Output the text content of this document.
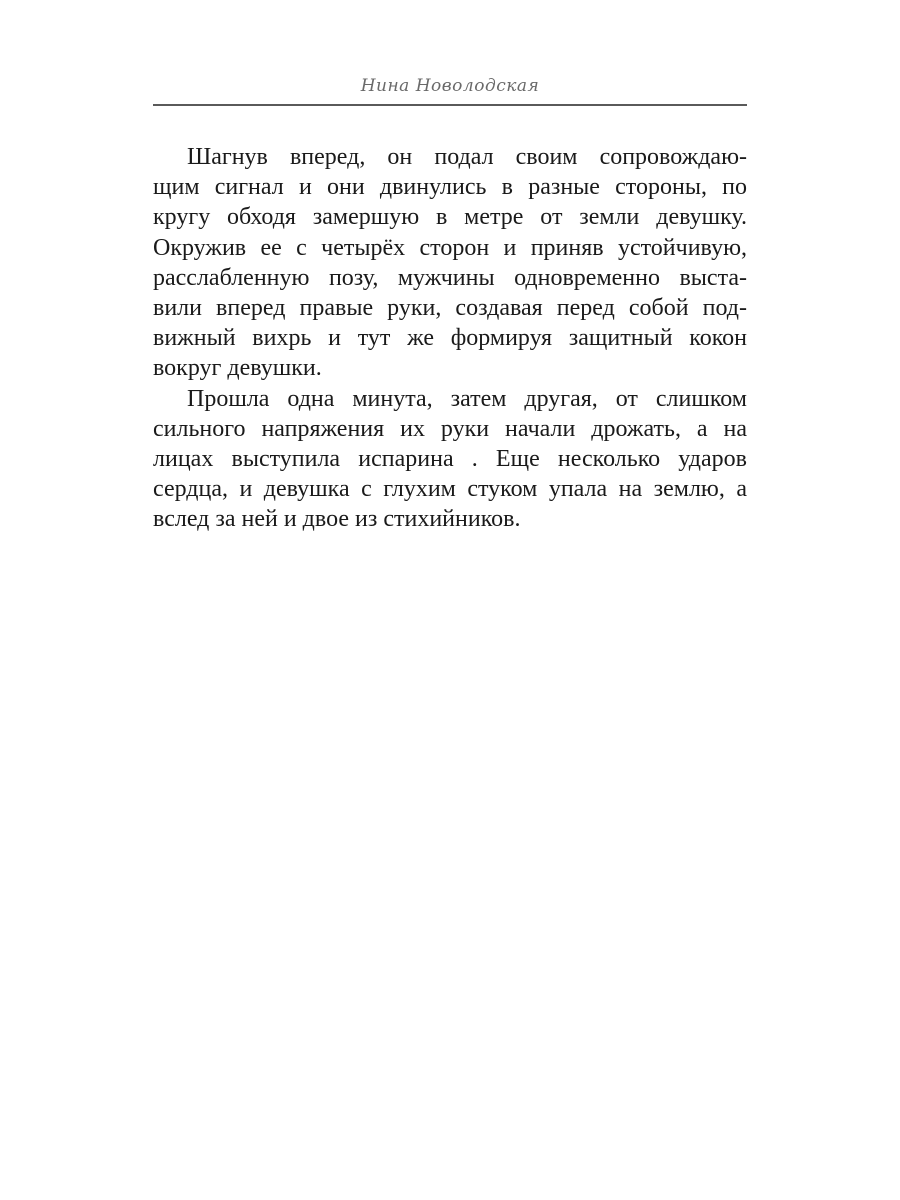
Нина Новолодская
Шагнув вперед, он подал своим сопровождаю-
щим сигнал и они двинулись в разные стороны, по
кругу обходя замершую в метре от земли девушку.
Окружив ее с четырёх сторон и приняв устойчивую,
расслабленную позу, мужчины одновременно выста-
вили вперед правые руки, создавая перед собой под-
вижный вихрь и тут же формируя защитный кокон
вокруг девушки.
Прошла одна минута, затем другая, от слишком
сильного напряжения их руки начали дрожать, а на
лицах выступила испарина . Еще несколько ударов
сердца, и девушка с глухим стуком упала на землю, а
вслед за ней и двое из стихийников.
